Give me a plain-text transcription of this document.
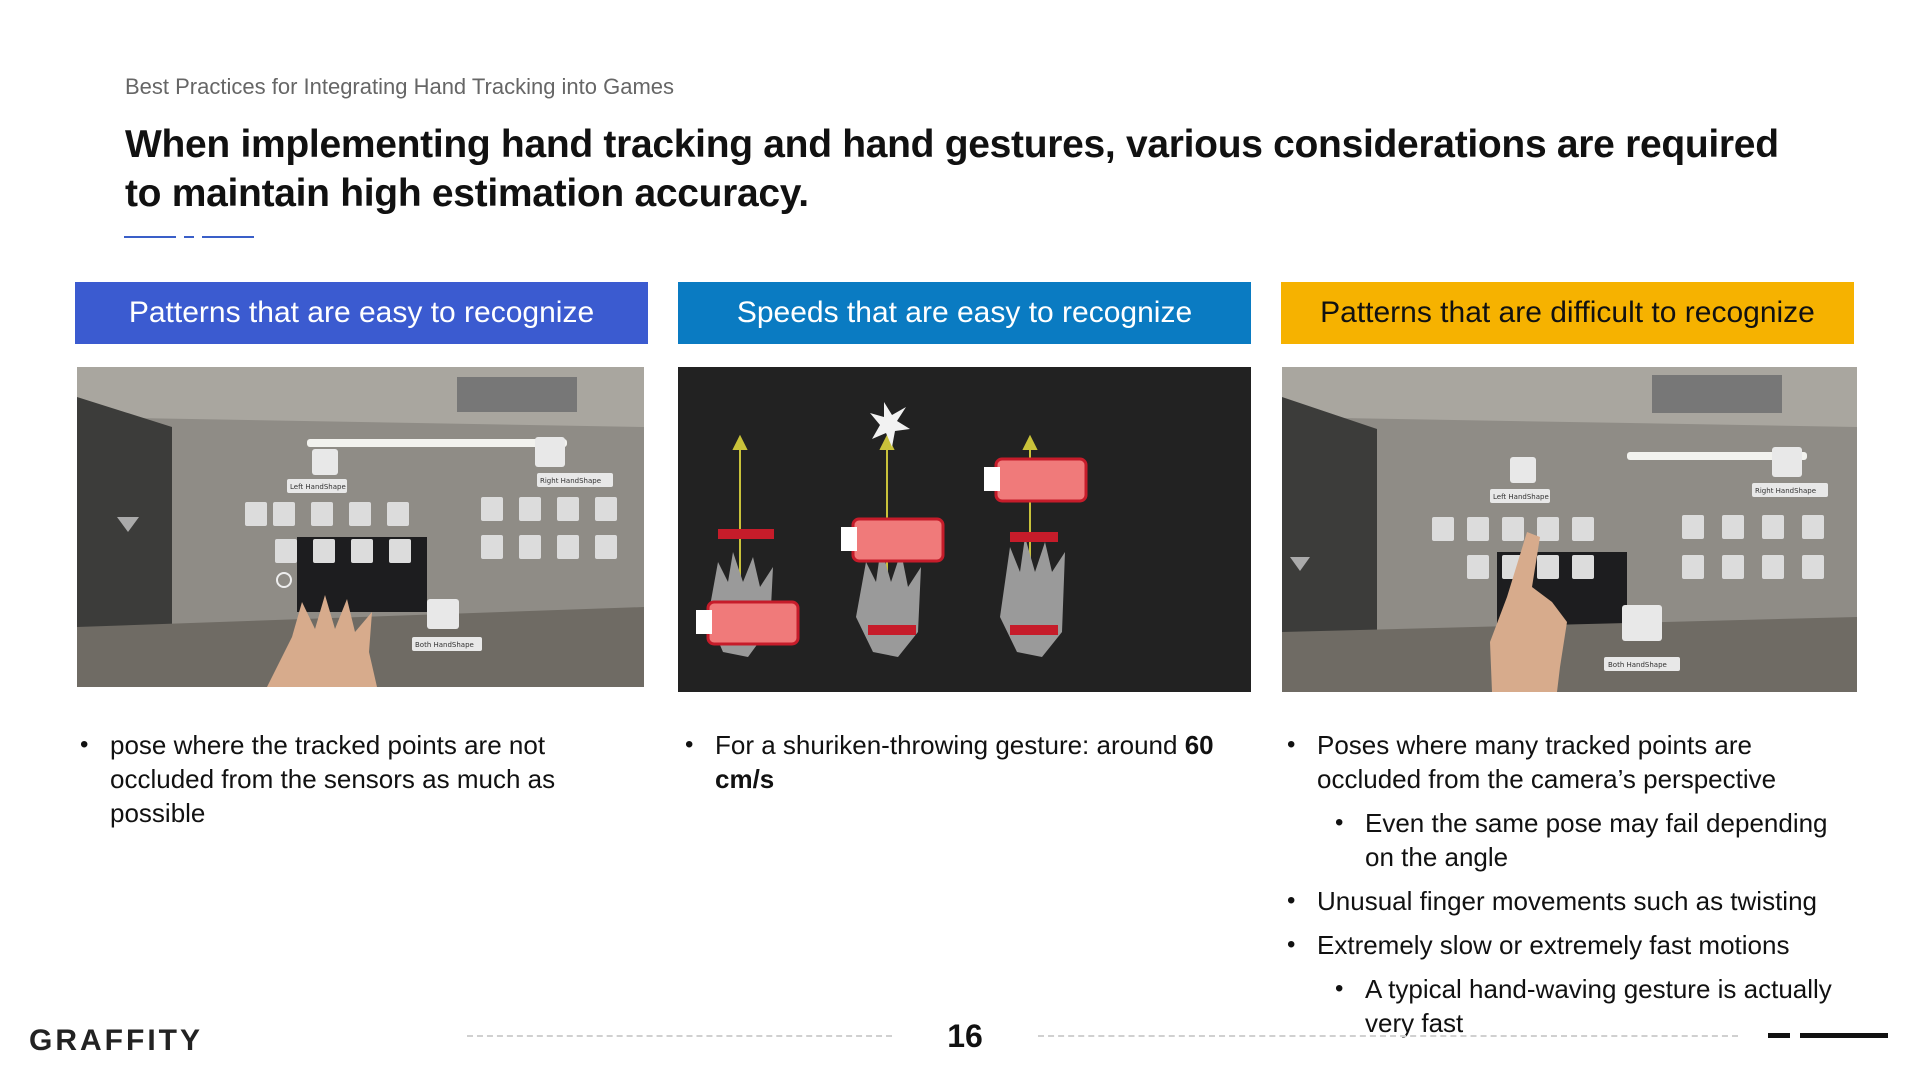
Best Practices for Integrating Hand Tracking into Games
When implementing hand tracking and hand gestures, various considerations are required to maintain high estimation accuracy.
Patterns that are easy to recognize	Speeds that are easy to recognize	Patterns that are difficult to recognize
Left HandShape
Right HandShape
Both HandShape
Left HandShape
Right HandShape
Both HandShape
• pose where the tracked points are not occluded from the sensors as much as possible
• For a shuriken-throwing gesture: around 60 cm/s
• Poses where many tracked points are occluded from the camera’s perspective
• Even the same pose may fail depending on the angle
• Unusual finger movements such as twisting
• Extremely slow or extremely fast motions
• A typical hand-waving gesture is actually very fast
GRAFFITY	16
